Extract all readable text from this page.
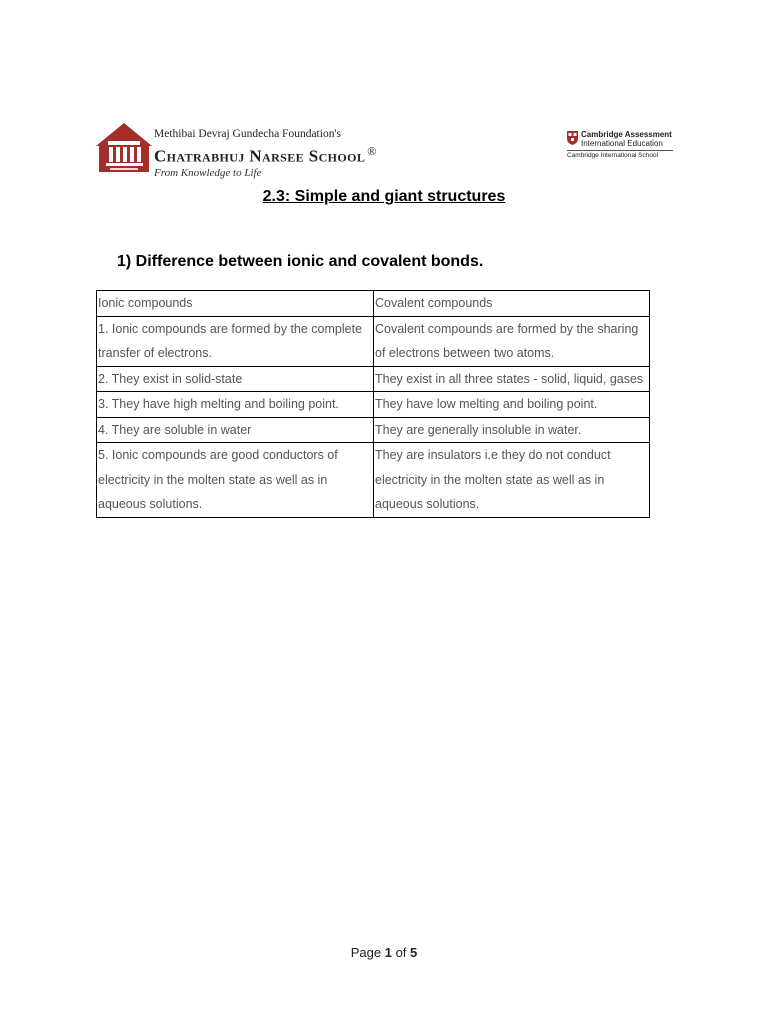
Methibai Devraj Gundecha Foundation's
Chatrabhuj Narsee School ®
From Knowledge to Life
Cambridge Assessment
International Education
Cambridge International School
2.3: Simple and giant structures
1) Difference between ionic and covalent bonds.
Ionic compounds	Covalent compounds
1. Ionic compounds are formed by the complete transfer of electrons.	Covalent compounds are formed by the sharing of electrons between two atoms.
2. They exist in solid-state	They exist in all three states - solid, liquid, gases
3. They have high melting and boiling point.	They have low melting and boiling point.
4. They are soluble in water	They are generally insoluble in water.
5. Ionic compounds are good conductors of electricity in the molten state as well as in aqueous solutions.	They are insulators i.e they do not conduct electricity in the molten state as well as in aqueous solutions.
Page 1 of 5
